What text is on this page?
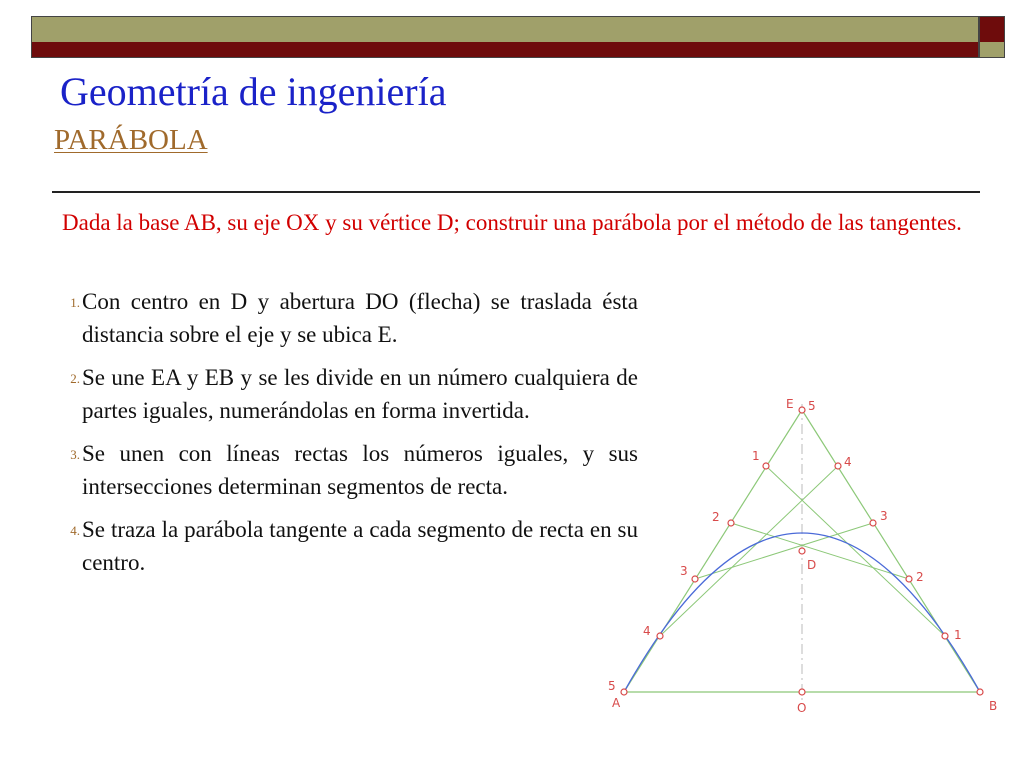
Geometría de ingeniería
PARÁBOLA
Dada la base AB, su eje OX y su vértice D; construir una parábola por el método de las tangentes.
1. Con centro en D y abertura DO (flecha) se traslada ésta distancia sobre el eje y se ubica E.
2. Se une EA y EB y se les divide en un número cualquiera de partes iguales, numerándolas en forma invertida.
3. Se unen con líneas rectas los números iguales, y sus intersecciones determinan segmentos de recta.
4. Se traza la parábola tangente a cada segmento de recta en su centro.
E 5
1
2
3
4
4
3
2
1
D
5
A	O	B
